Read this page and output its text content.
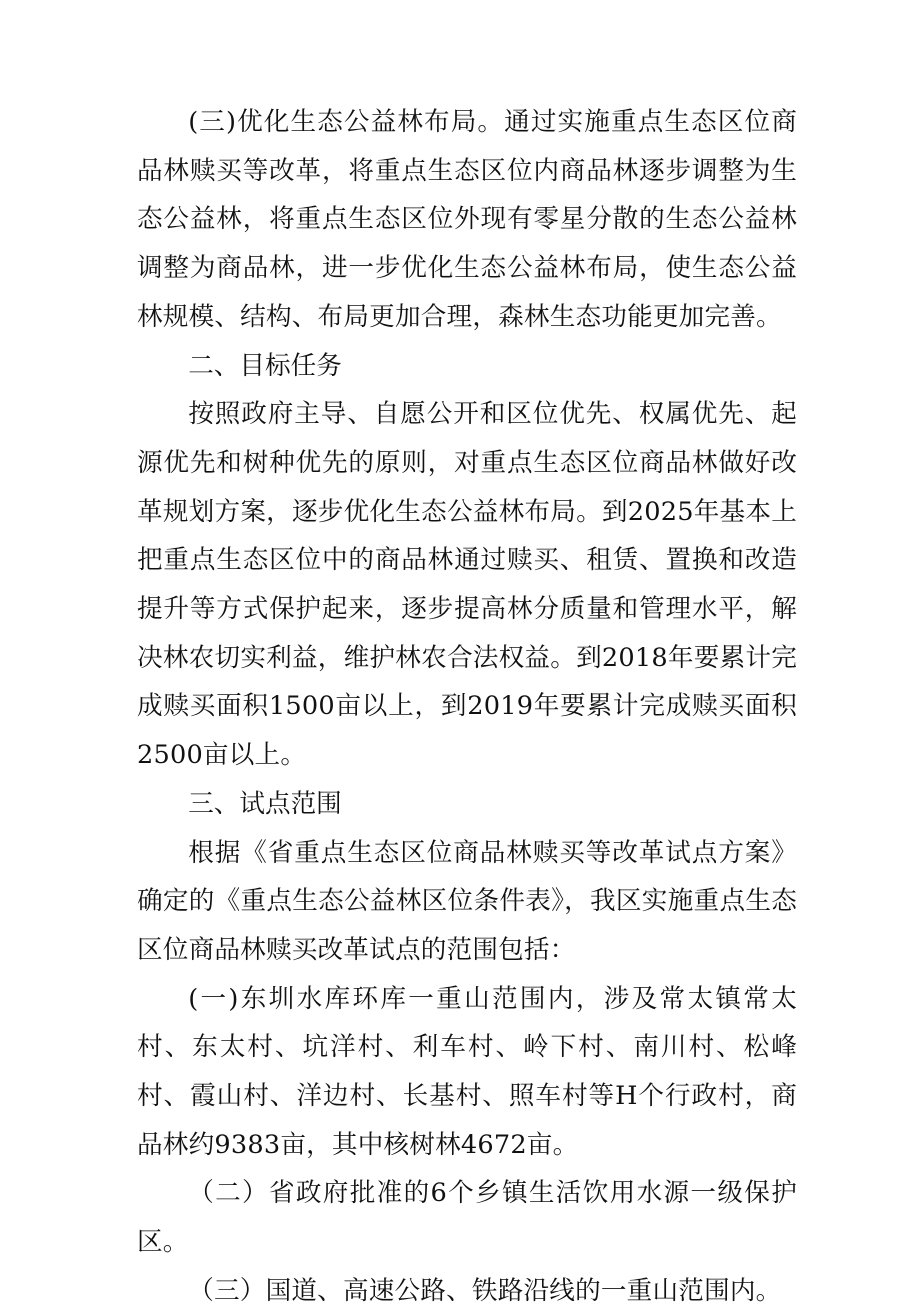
(三)优化生态公益林布局。通过实施重点生态区位商品林赎买等改革，将重点生态区位内商品林逐步调整为生态公益林，将重点生态区位外现有零星分散的生态公益林调整为商品林，进一步优化生态公益林布局，使生态公益林规模、结构、布局更加合理，森林生态功能更加完善。

二、目标任务

按照政府主导、自愿公开和区位优先、权属优先、起源优先和树种优先的原则，对重点生态区位商品林做好改革规划方案，逐步优化生态公益林布局。到2025年基本上把重点生态区位中的商品林通过赎买、租赁、置换和改造提升等方式保护起来，逐步提高林分质量和管理水平，解决林农切实利益，维护林农合法权益。到2018年要累计完成赎买面积1500亩以上，到2019年要累计完成赎买面积2500亩以上。

三、试点范围

根据《省重点生态区位商品林赎买等改革试点方案》确定的《重点生态公益林区位条件表》，我区实施重点生态区位商品林赎买改革试点的范围包括：

(一)东圳水库环库一重山范围内，涉及常太镇常太村、东太村、坑洋村、利车村、岭下村、南川村、松峰村、霞山村、洋边村、长基村、照车村等H个行政村，商品林约9383亩，其中核树林4672亩。

（二）省政府批准的6个乡镇生活饮用水源一级保护区。

（三）国道、高速公路、铁路沿线的一重山范围内。
